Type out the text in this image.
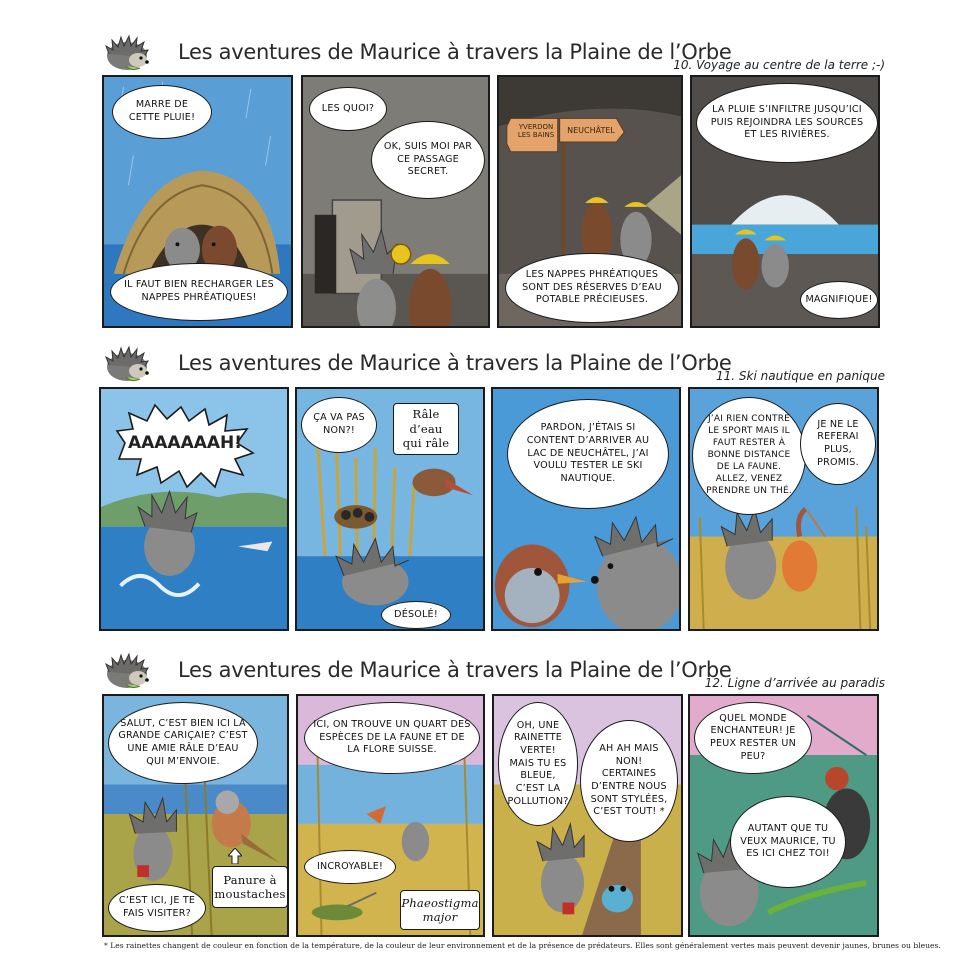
Les aventures de Maurice à travers la Plaine de l’Orbe
10. Voyage au centre de la terre ;-)
MARRE DE CETTE PLUIE!
IL FAUT BIEN RECHARGER LES NAPPES PHRÉATIQUES!
LES QUOI?
OK, SUIS MOI PAR CE PASSAGE SECRET.
YVERDON LES BAINS
NEUCHÂTEL
LES NAPPES PHRÉATIQUES SONT DES RÉSERVES D’EAU POTABLE PRÉCIEUSES.
LA PLUIE S’INFILTRE JUSQU’ICI PUIS REJOINDRA LES SOURCES ET LES RIVIÈRES.
MAGNIFIQUE!
Les aventures de Maurice à travers la Plaine de l’Orbe
11. Ski nautique en panique
AAAAAAAH!
ÇA VA PAS NON?!
Râle d’eau qui râle
DÉSOLÉ!
PARDON, J’ÉTAIS SI CONTENT D’ARRIVER AU LAC DE NEUCHÂTEL, J’AI VOULU TESTER LE SKI NAUTIQUE.
J’AI RIEN CONTRE LE SPORT MAIS IL FAUT RESTER À BONNE DISTANCE DE LA FAUNE. ALLEZ, VENEZ PRENDRE UN THÉ.
JE NE LE REFERAI PLUS, PROMIS.
Les aventures de Maurice à travers la Plaine de l’Orbe
12. Ligne d’arrivée au paradis
SALUT, C’EST BIEN ICI LA GRANDE CARIÇAIE? C’EST UNE AMIE RÂLE D’EAU QUI M’ENVOIE.
C’EST ICI, JE TE FAIS VISITER?
Panure à moustaches
ICI, ON TROUVE UN QUART DES ESPÈCES DE LA FAUNE ET DE LA FLORE SUISSE.
INCROYABLE!
Phaeostigma major
OH, UNE RAINETTE VERTE! MAIS TU ES BLEUE, C’EST LA POLLUTION?
AH AH MAIS NON! CERTAINES D’ENTRE NOUS SONT STYLÉES, C’EST TOUT! *
QUEL MONDE ENCHANTEUR! JE PEUX RESTER UN PEU?
AUTANT QUE TU VEUX MAURICE, TU ES ICI CHEZ TOI!
* Les rainettes changent de couleur en fonction de la température, de la couleur de leur environnement et de la présence de prédateurs. Elles sont généralement vertes mais peuvent devenir jaunes, brunes ou bleues.
